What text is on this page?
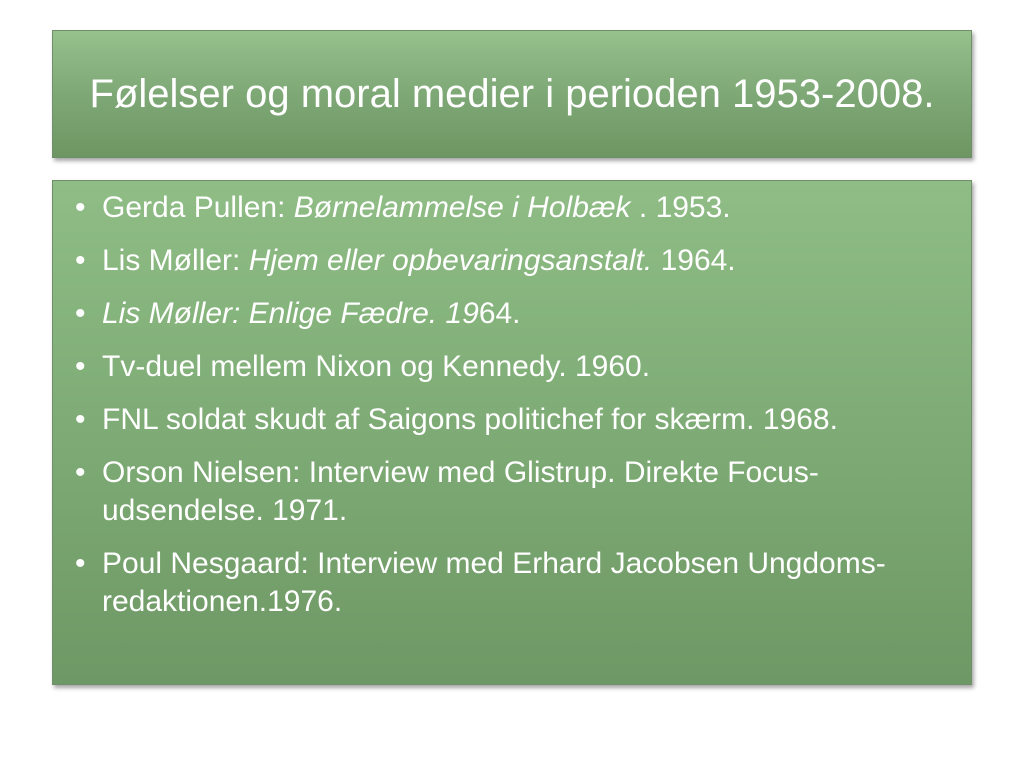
Følelser og moral medier i perioden 1953-2008.
• Gerda Pullen: Børnelammelse i Holbæk . 1953.
• Lis Møller: Hjem eller opbevaringsanstalt. 1964.
• Lis Møller: Enlige Fædre. 1964.
• Tv-duel mellem Nixon og Kennedy. 1960.
• FNL soldat skudt af Saigons politichef for skærm. 1968.
• Orson Nielsen: Interview med Glistrup. Direkte Focus-udsendelse. 1971.
• Poul Nesgaard: Interview med Erhard Jacobsen Ungdoms-redaktionen.1976.
